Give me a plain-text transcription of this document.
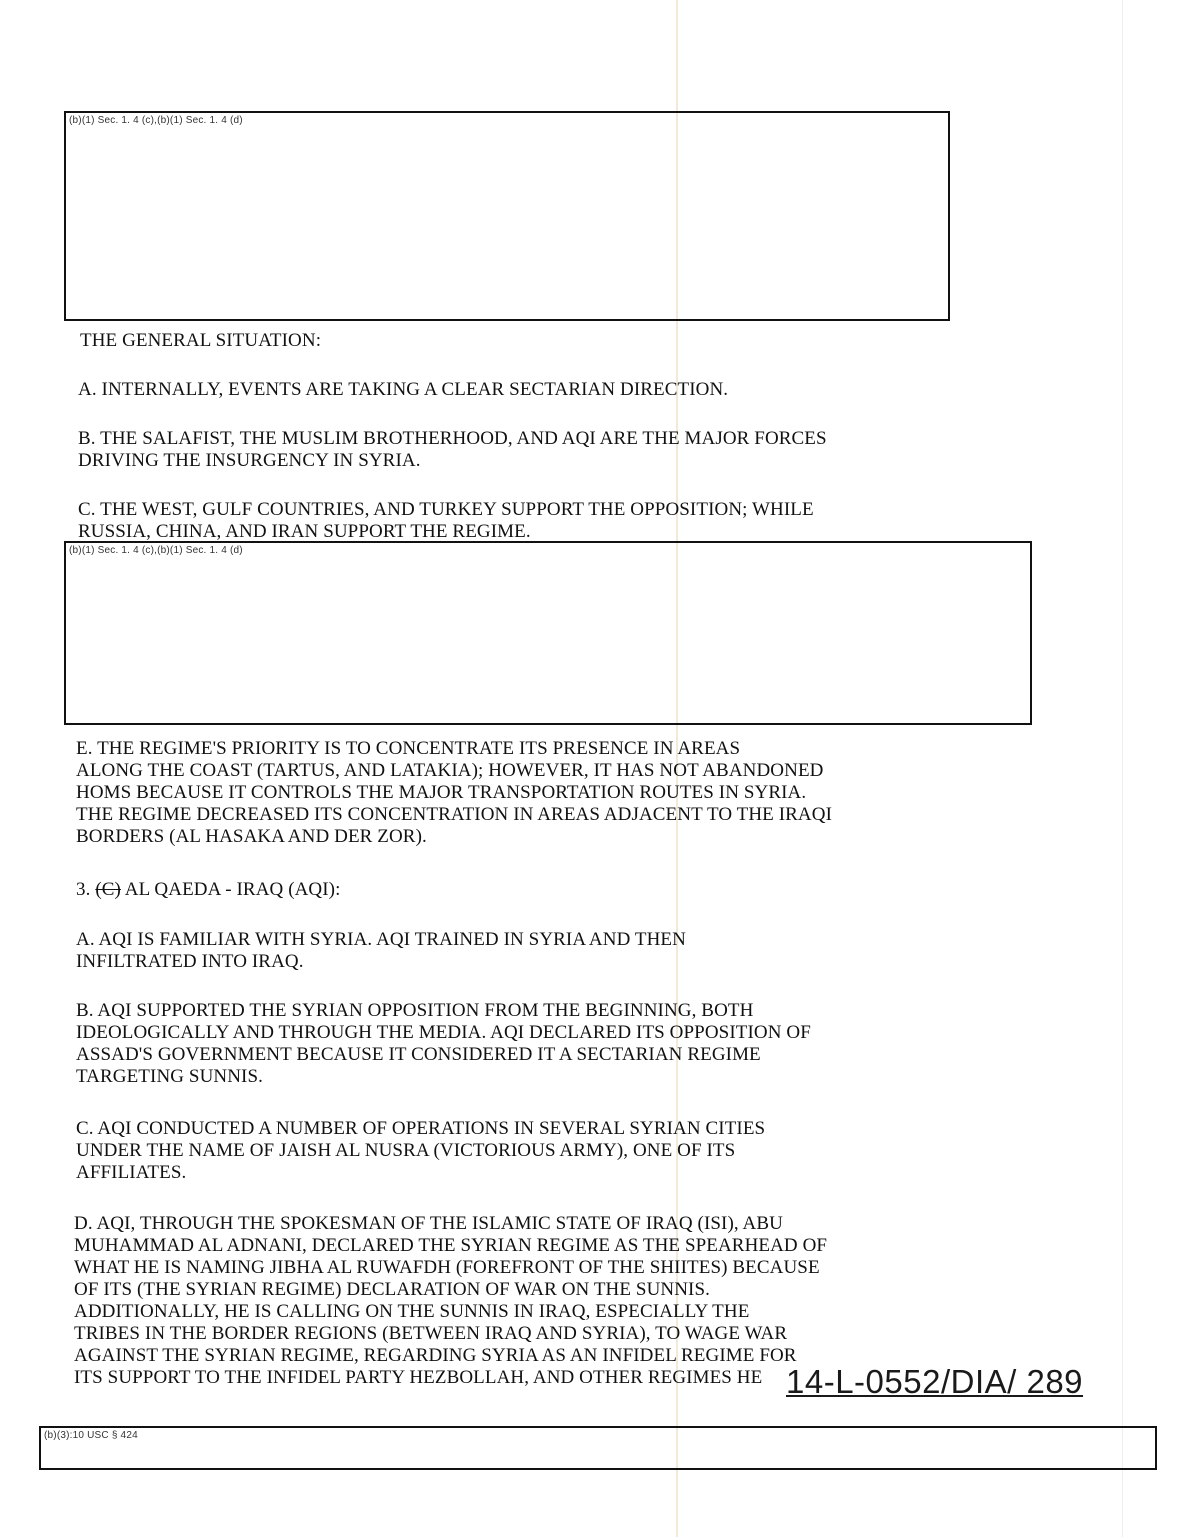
(b)(1) Sec. 1. 4 (c),(b)(1) Sec. 1. 4 (d)
THE GENERAL SITUATION:
A. INTERNALLY, EVENTS ARE TAKING A CLEAR SECTARIAN DIRECTION.
B. THE SALAFIST, THE MUSLIM BROTHERHOOD, AND AQI ARE THE MAJOR FORCES
DRIVING THE INSURGENCY IN SYRIA.
C. THE WEST, GULF COUNTRIES, AND TURKEY SUPPORT THE OPPOSITION; WHILE
RUSSIA, CHINA, AND IRAN SUPPORT THE REGIME.
(b)(1) Sec. 1. 4 (c),(b)(1) Sec. 1. 4 (d)
E. THE REGIME'S PRIORITY IS TO CONCENTRATE ITS PRESENCE IN AREAS
ALONG THE COAST (TARTUS, AND LATAKIA); HOWEVER, IT HAS NOT ABANDONED
HOMS BECAUSE IT CONTROLS THE MAJOR TRANSPORTATION ROUTES IN SYRIA.
THE REGIME DECREASED ITS CONCENTRATION IN AREAS ADJACENT TO THE IRAQI
BORDERS (AL HASAKA AND DER ZOR).
3. (C) AL QAEDA - IRAQ (AQI):
A. AQI IS FAMILIAR WITH SYRIA. AQI TRAINED IN SYRIA AND THEN
INFILTRATED INTO IRAQ.
B. AQI SUPPORTED THE SYRIAN OPPOSITION FROM THE BEGINNING, BOTH
IDEOLOGICALLY AND THROUGH THE MEDIA. AQI DECLARED ITS OPPOSITION OF
ASSAD'S GOVERNMENT BECAUSE IT CONSIDERED IT A SECTARIAN REGIME
TARGETING SUNNIS.
C. AQI CONDUCTED A NUMBER OF OPERATIONS IN SEVERAL SYRIAN CITIES
UNDER THE NAME OF JAISH AL NUSRA (VICTORIOUS ARMY), ONE OF ITS
AFFILIATES.
D. AQI, THROUGH THE SPOKESMAN OF THE ISLAMIC STATE OF IRAQ (ISI), ABU
MUHAMMAD AL ADNANI, DECLARED THE SYRIAN REGIME AS THE SPEARHEAD OF
WHAT HE IS NAMING JIBHA AL RUWAFDH (FOREFRONT OF THE SHIITES) BECAUSE
OF ITS (THE SYRIAN REGIME) DECLARATION OF WAR ON THE SUNNIS.
ADDITIONALLY, HE IS CALLING ON THE SUNNIS IN IRAQ, ESPECIALLY THE
TRIBES IN THE BORDER REGIONS (BETWEEN IRAQ AND SYRIA), TO WAGE WAR
AGAINST THE SYRIAN REGIME, REGARDING SYRIA AS AN INFIDEL REGIME FOR
ITS SUPPORT TO THE INFIDEL PARTY HEZBOLLAH, AND OTHER REGIMES HE 14-L-0552/DIA/ 289
(b)(3):10 USC § 424
